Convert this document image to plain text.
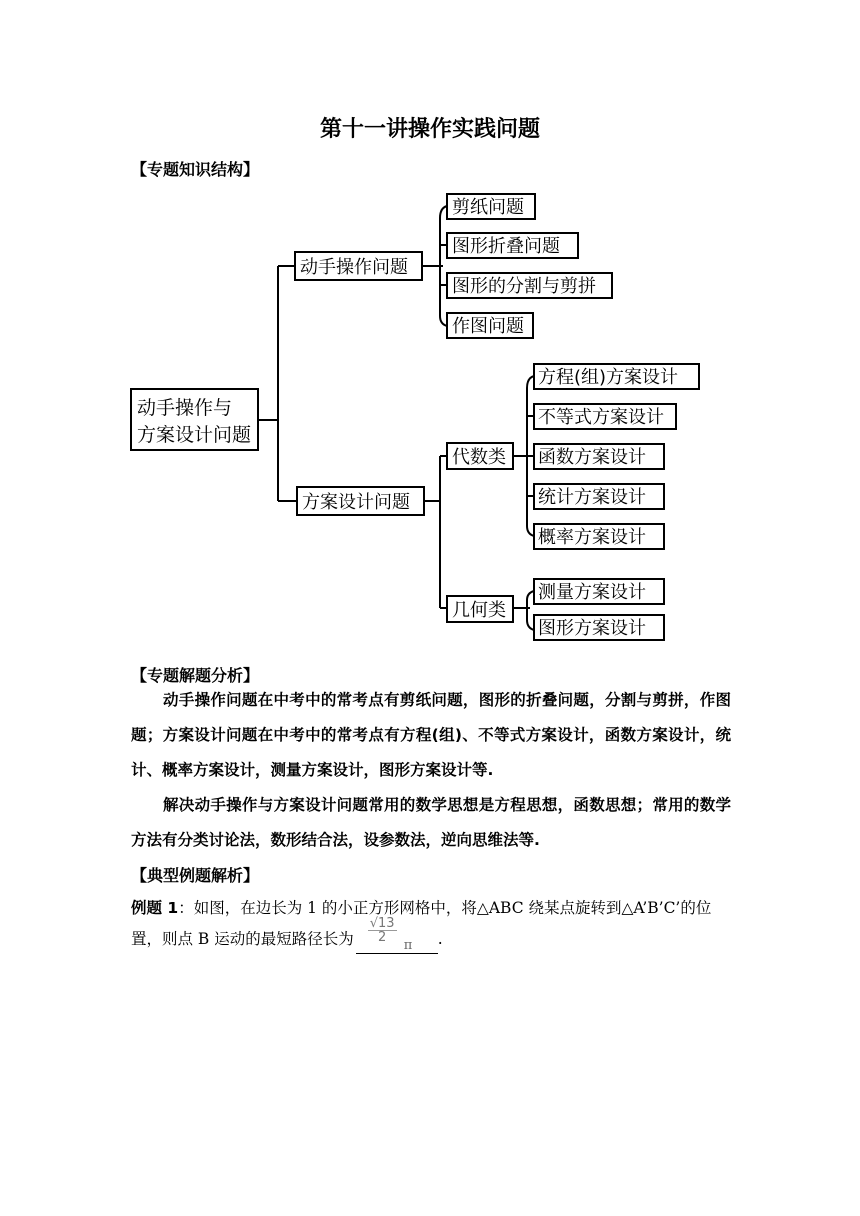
第十一讲操作实践问题
【专题知识结构】
动手操作与
方案设计问题
动手操作问题
剪纸问题
图形折叠问题
图形的分割与剪拼
作图问题
方案设计问题
代数类
方程(组)方案设计
不等式方案设计
函数方案设计
统计方案设计
概率方案设计
几何类
测量方案设计
图形方案设计
【专题解题分析】
动手操作问题在中考中的常考点有剪纸问题，图形的折叠问题，分割与剪拼，作图题；方案设计问题在中考中的常考点有方程(组)、不等式方案设计，函数方案设计，统计、概率方案设计，测量方案设计，图形方案设计等.
解决动手操作与方案设计问题常用的数学思想是方程思想，函数思想；常用的数学方法有分类讨论法，数形结合法，设参数法，逆向思维法等.
【典型例题解析】
例题 1：如图，在边长为 1 的小正方形网格中，将△ABC 绕某点旋转到△A’B’C’的位置，则点 B 运动的最短路径长为 $\frac{√13}{2}$
π .
